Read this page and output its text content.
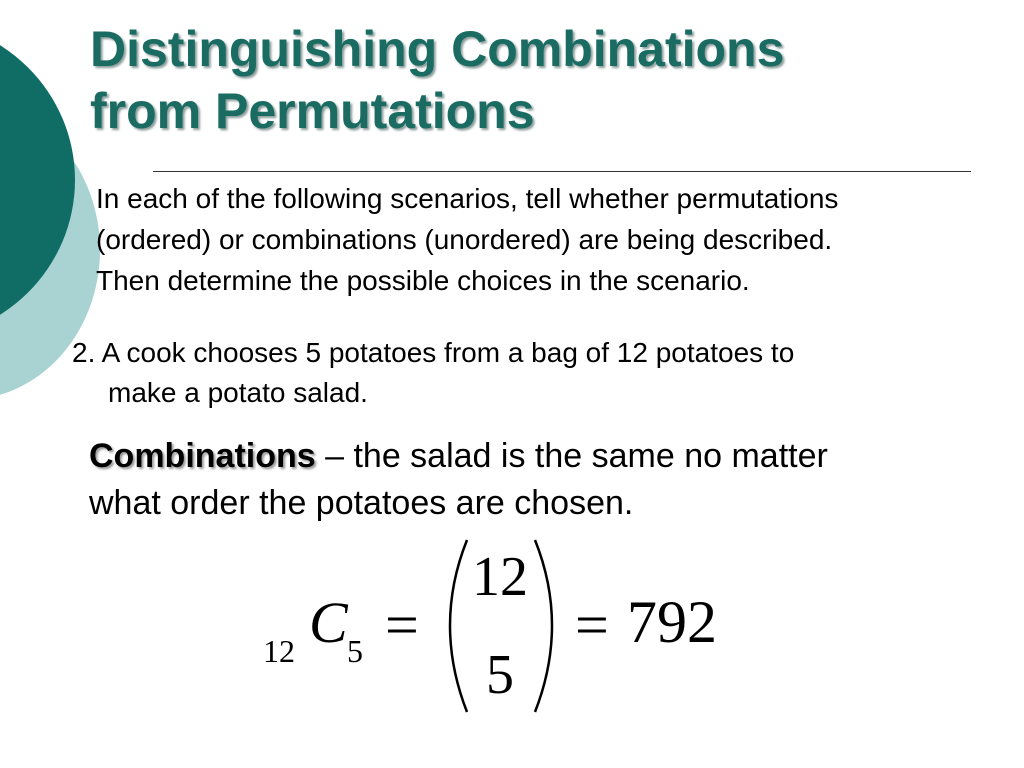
Distinguishing Combinations
from Permutations
In each of the following scenarios, tell whether permutations
(ordered) or combinations (unordered) are being described.
Then determine the possible choices in the scenario.
2. A cook chooses 5 potatoes from a bag of 12 potatoes to
make a potato salad.
Combinations – the salad is the same no matter
what order the potatoes are chosen.
12 C 5 =
12
5
= 792
